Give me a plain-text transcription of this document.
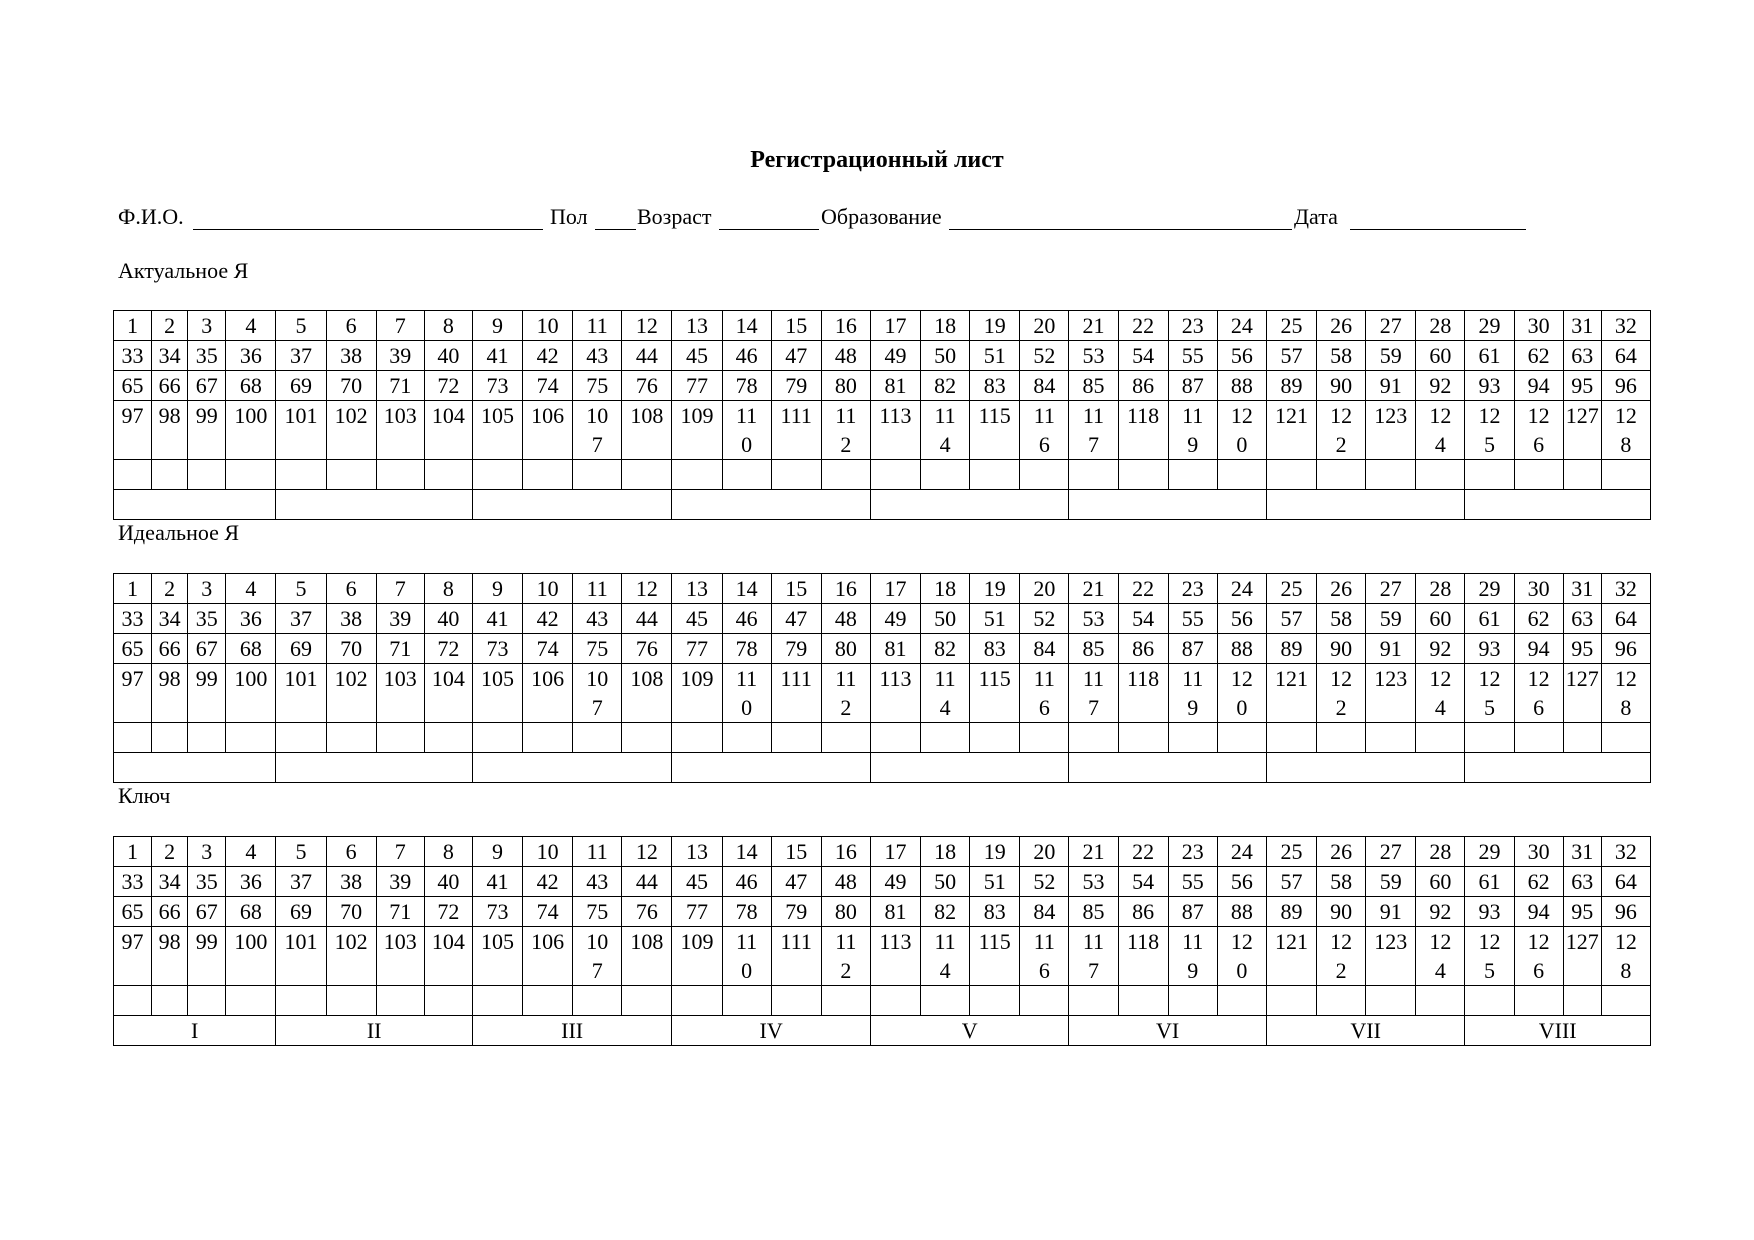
Регистрационный лист
Ф.И.О.	Пол Возраст	Образование	Дата
Актуальное Я
1	2	3	4	5	6	7	8	9	10	11	12	13	14	15	16	17	18	19	20	21	22	23	24	25	26	27	28	29	30	31	32
33	34	35	36	37	38	39	40	41	42	43	44	45	46	47	48	49	50	51	52	53	54	55	56	57	58	59	60	61	62	63	64
65	66	67	68	69	70	71	72	73	74	75	76	77	78	79	80	81	82	83	84	85	86	87	88	89	90	91	92	93	94	95	96
97	98	99	100	101	102	103	104	105	106	107	108	109	110	111	112	113	114	115	116	117	118	119	120	121	122	123	124	125	126	127	128

Идеальное Я
1	2	3	4	5	6	7	8	9	10	11	12	13	14	15	16	17	18	19	20	21	22	23	24	25	26	27	28	29	30	31	32
33	34	35	36	37	38	39	40	41	42	43	44	45	46	47	48	49	50	51	52	53	54	55	56	57	58	59	60	61	62	63	64
65	66	67	68	69	70	71	72	73	74	75	76	77	78	79	80	81	82	83	84	85	86	87	88	89	90	91	92	93	94	95	96
97	98	99	100	101	102	103	104	105	106	107	108	109	110	111	112	113	114	115	116	117	118	119	120	121	122	123	124	125	126	127	128

Ключ
1	2	3	4	5	6	7	8	9	10	11	12	13	14	15	16	17	18	19	20	21	22	23	24	25	26	27	28	29	30	31	32
33	34	35	36	37	38	39	40	41	42	43	44	45	46	47	48	49	50	51	52	53	54	55	56	57	58	59	60	61	62	63	64
65	66	67	68	69	70	71	72	73	74	75	76	77	78	79	80	81	82	83	84	85	86	87	88	89	90	91	92	93	94	95	96
97	98	99	100	101	102	103	104	105	106	107	108	109	110	111	112	113	114	115	116	117	118	119	120	121	122	123	124	125	126	127	128

I				II				III				IV				V				VI				VII				VIII			
